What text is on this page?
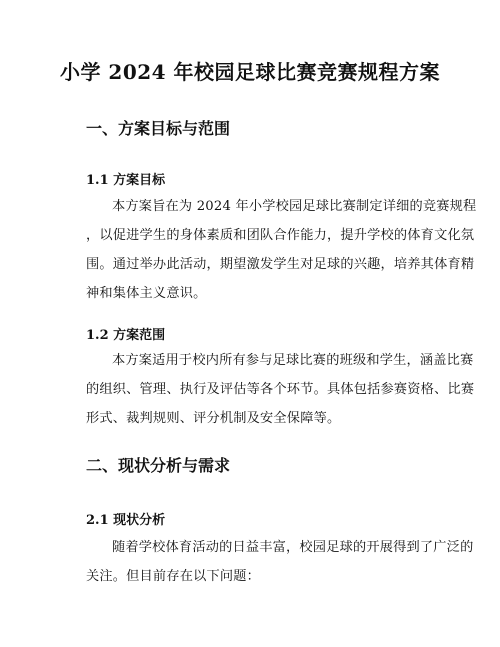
小学 2024 年校园足球比赛竞赛规程方案
一、方案目标与范围
1.1 方案目标
本方案旨在为 2024 年小学校园足球比赛制定详细的竞赛规程
，以促进学生的身体素质和团队合作能力，提升学校的体育文化氛
围。通过举办此活动，期望激发学生对足球的兴趣，培养其体育精
神和集体主义意识。
1.2 方案范围
本方案适用于校内所有参与足球比赛的班级和学生，涵盖比赛
的组织、管理、执行及评估等各个环节。具体包括参赛资格、比赛
形式、裁判规则、评分机制及安全保障等。
二、现状分析与需求
2.1 现状分析
随着学校体育活动的日益丰富，校园足球的开展得到了广泛的
关注。但目前存在以下问题：
